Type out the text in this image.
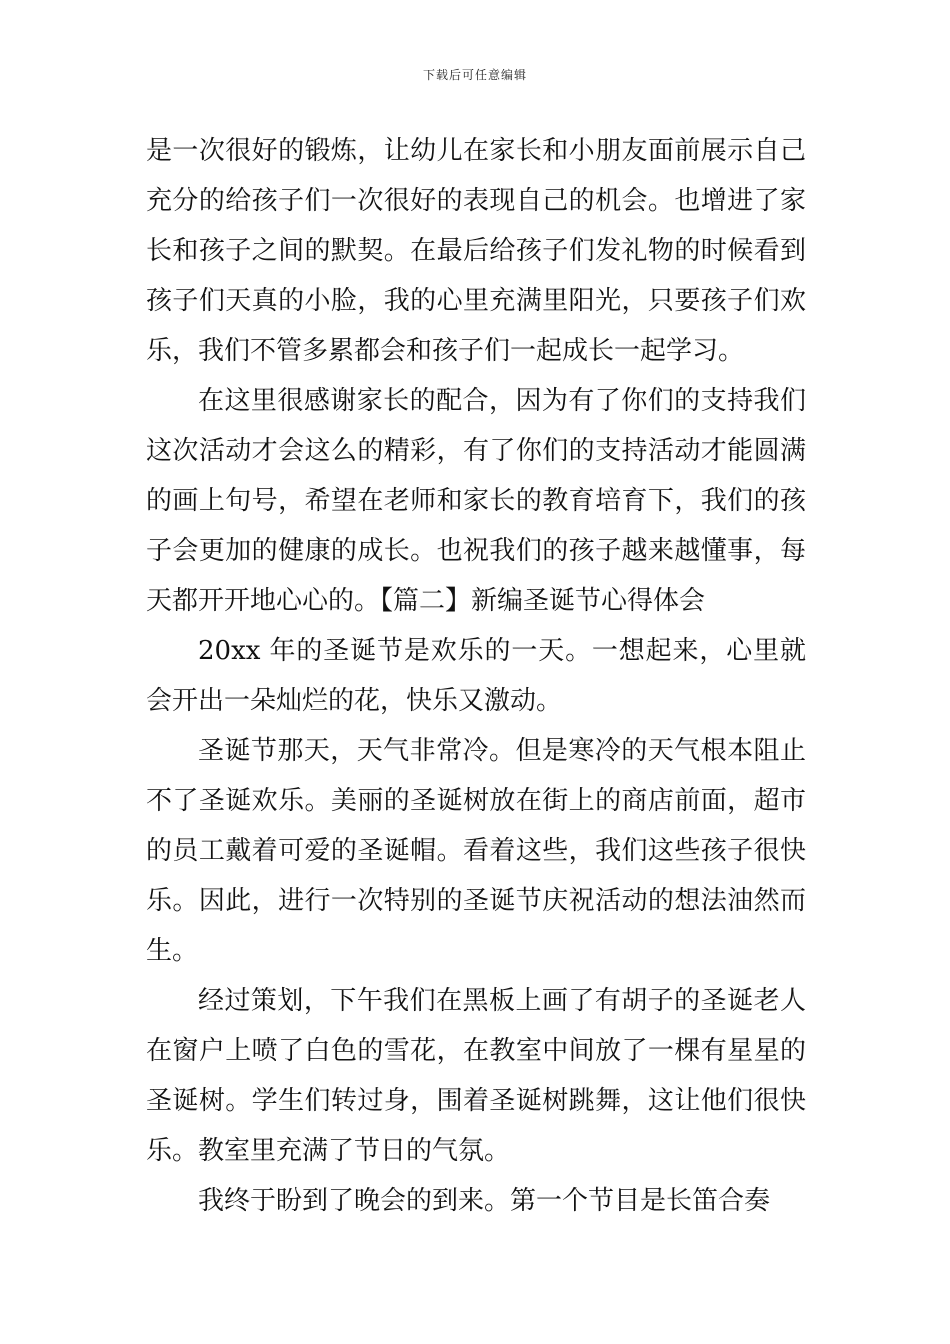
下载后可任意编辑

是一次很好的锻炼，让幼儿在家长和小朋友面前展示自己充分的给孩子们一次很好的表现自己的机会。也增进了家长和孩子之间的默契。在最后给孩子们发礼物的时候看到孩子们天真的小脸，我的心里充满里阳光，只要孩子们欢乐，我们不管多累都会和孩子们一起成长一起学习。

在这里很感谢家长的配合，因为有了你们的支持我们这次活动才会这么的精彩，有了你们的支持活动才能圆满的画上句号，希望在老师和家长的教育培育下，我们的孩子会更加的健康的成长。也祝我们的孩子越来越懂事，每天都开开地心心的。【篇二】新编圣诞节心得体会

20xx 年的圣诞节是欢乐的一天。一想起来，心里就会开出一朵灿烂的花，快乐又激动。

圣诞节那天，天气非常冷。但是寒冷的天气根本阻止不了圣诞欢乐。美丽的圣诞树放在街上的商店前面，超市的员工戴着可爱的圣诞帽。看着这些，我们这些孩子很快乐。因此，进行一次特别的圣诞节庆祝活动的想法油然而生。

经过策划，下午我们在黑板上画了有胡子的圣诞老人在窗户上喷了白色的雪花，在教室中间放了一棵有星星的圣诞树。学生们转过身，围着圣诞树跳舞，这让他们很快乐。教室里充满了节日的气氛。

我终于盼到了晚会的到来。第一个节目是长笛合奏
